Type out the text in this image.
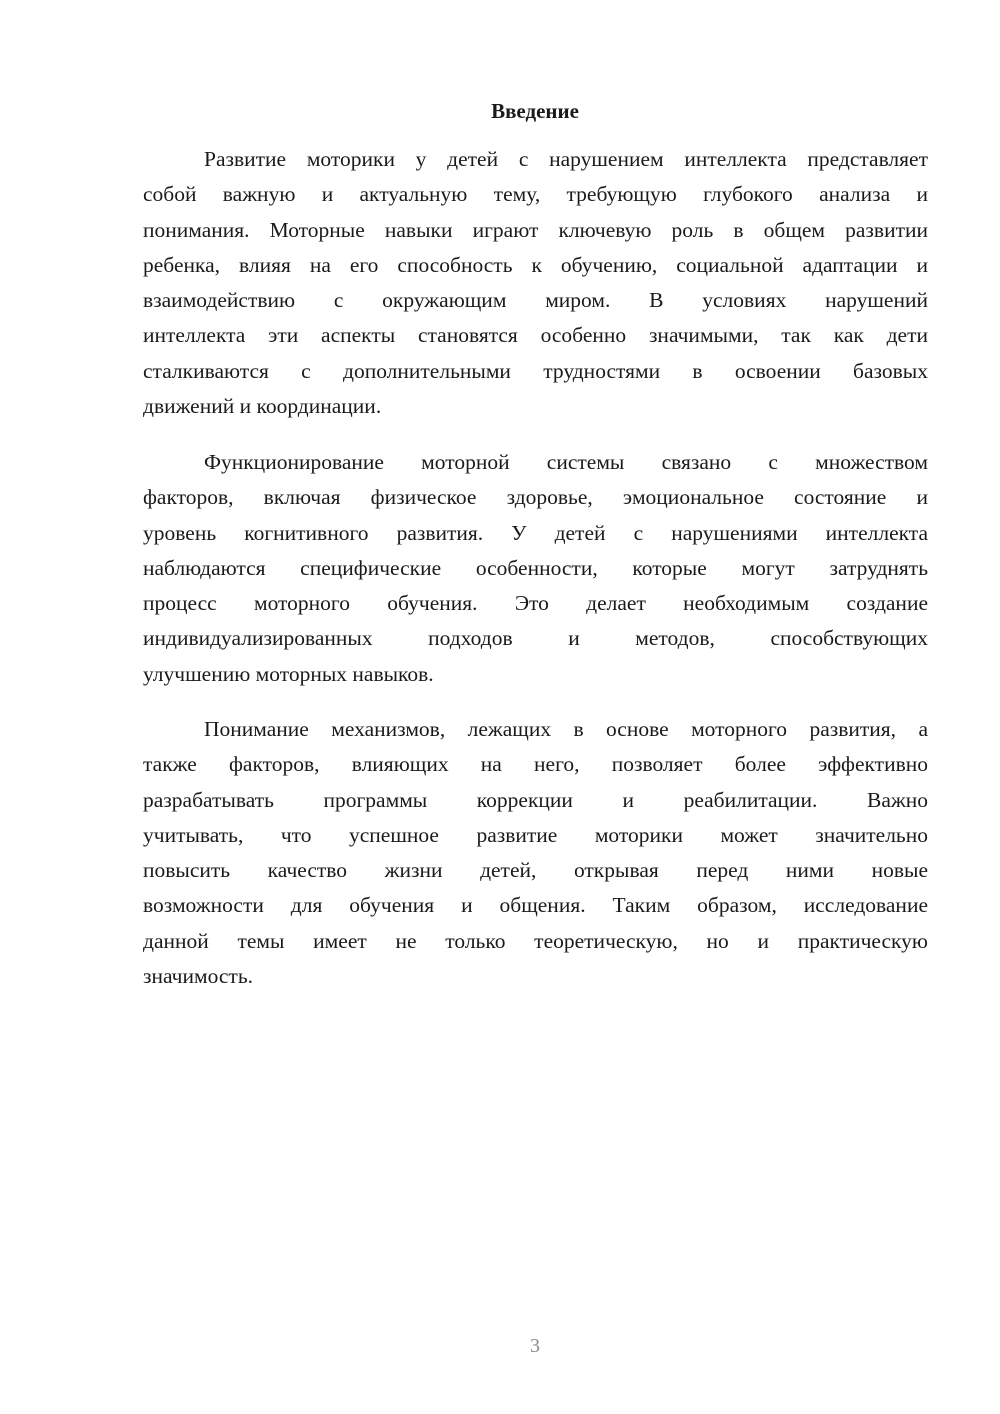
Введение
Развитие моторики у детей с нарушением интеллекта представляет
собой важную и актуальную тему, требующую глубокого анализа и
понимания. Моторные навыки играют ключевую роль в общем развитии
ребенка, влияя на его способность к обучению, социальной адаптации и
взаимодействию с окружающим миром. В условиях нарушений
интеллекта эти аспекты становятся особенно значимыми, так как дети
сталкиваются с дополнительными трудностями в освоении базовых
движений и координации.
Функционирование моторной системы связано с множеством
факторов, включая физическое здоровье, эмоциональное состояние и
уровень когнитивного развития. У детей с нарушениями интеллекта
наблюдаются специфические особенности, которые могут затруднять
процесс моторного обучения. Это делает необходимым создание
индивидуализированных подходов и методов, способствующих
улучшению моторных навыков.
Понимание механизмов, лежащих в основе моторного развития, а
также факторов, влияющих на него, позволяет более эффективно
разрабатывать программы коррекции и реабилитации. Важно
учитывать, что успешное развитие моторики может значительно
повысить качество жизни детей, открывая перед ними новые
возможности для обучения и общения. Таким образом, исследование
данной темы имеет не только теоретическую, но и практическую
значимость.
3
